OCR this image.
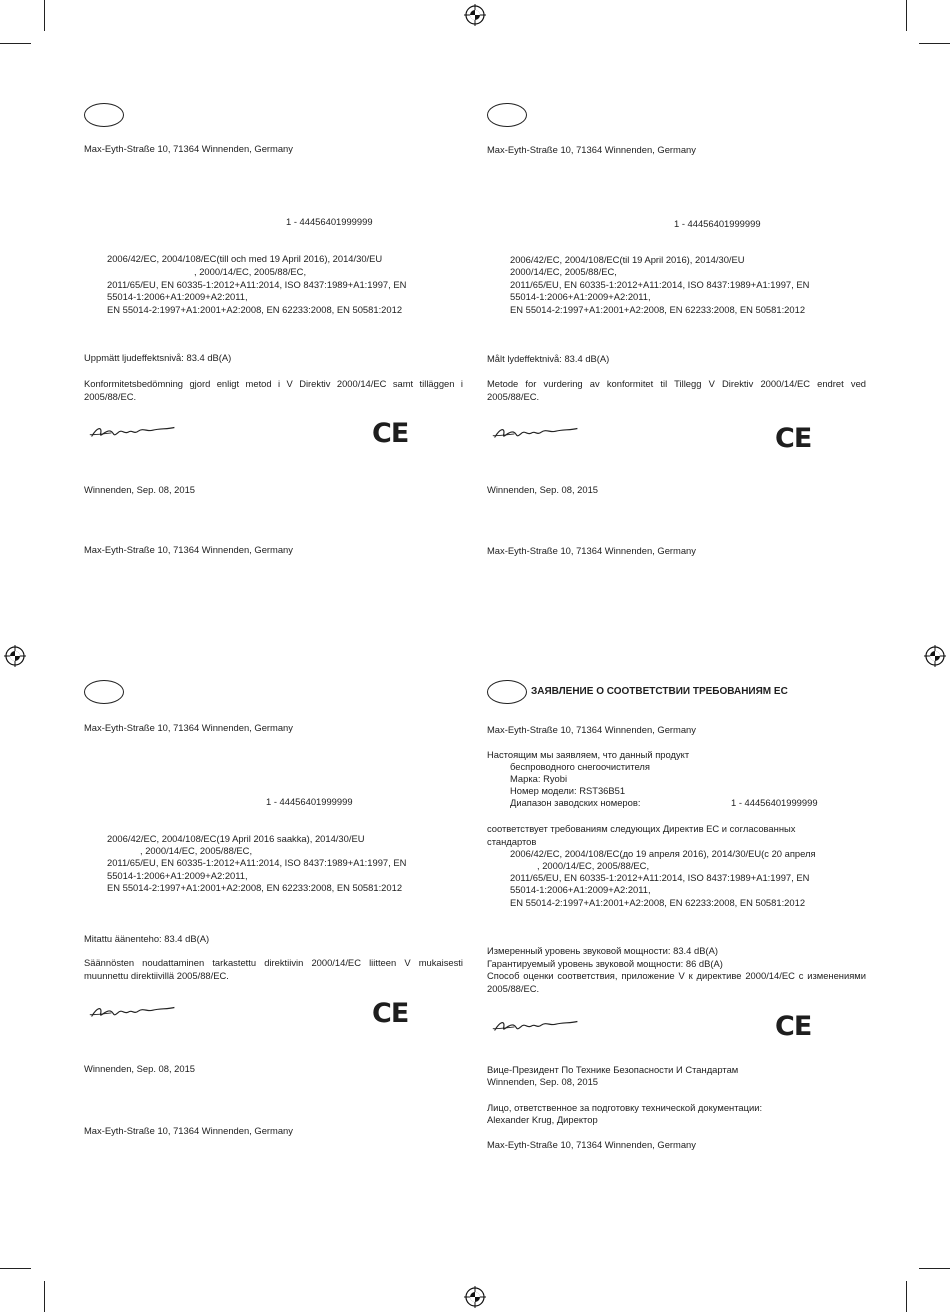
Max-Eyth-Straße 10, 71364 Winnenden, Germany
1 - 44456401999999
2006/42/EC, 2004/108/EC(till och med 19 April 2016), 2014/30/EU
, 2000/14/EC, 2005/88/EC,
2011/65/EU, EN 60335-1:2012+A11:2014, ISO 8437:1989+A1:1997, EN
55014-1:2006+A1:2009+A2:2011,
EN 55014-2:1997+A1:2001+A2:2008, EN 62233:2008, EN 50581:2012
Uppmätt ljudeffektsnivå: 83.4 dB(A)
Konformitetsbedömning gjord enligt metod i V Direktiv 2000/14/EC samt tilläggen i 2005/88/EC.
CE
Winnenden, Sep. 08, 2015
Max-Eyth-Straße 10, 71364 Winnenden, Germany
Max-Eyth-Straße 10, 71364 Winnenden, Germany
1 - 44456401999999
2006/42/EC, 2004/108/EC(til 19 April 2016), 2014/30/EU
2000/14/EC, 2005/88/EC,
2011/65/EU, EN 60335-1:2012+A11:2014, ISO 8437:1989+A1:1997, EN
55014-1:2006+A1:2009+A2:2011,
EN 55014-2:1997+A1:2001+A2:2008, EN 62233:2008, EN 50581:2012
Målt lydeffektnivå: 83.4 dB(A)
Metode for vurdering av konformitet til Tillegg V Direktiv 2000/14/EC endret ved 2005/88/EC.
CE
Winnenden, Sep. 08, 2015
Max-Eyth-Straße 10, 71364 Winnenden, Germany
Max-Eyth-Straße 10, 71364 Winnenden, Germany
1 - 44456401999999
2006/42/EC, 2004/108/EC(19 April 2016 saakka), 2014/30/EU
, 2000/14/EC, 2005/88/EC,
2011/65/EU, EN 60335-1:2012+A11:2014, ISO 8437:1989+A1:1997, EN
55014-1:2006+A1:2009+A2:2011,
EN 55014-2:1997+A1:2001+A2:2008, EN 62233:2008, EN 50581:2012
Mitattu äänenteho: 83.4 dB(A)
Säännösten noudattaminen tarkastettu direktiivin 2000/14/EC liitteen V mukaisesti muunnettu direktiivillä 2005/88/EC.
CE
Winnenden, Sep. 08, 2015
Max-Eyth-Straße 10, 71364 Winnenden, Germany
ЗАЯВЛЕНИЕ О СООТВЕТСТВИИ ТРЕБОВАНИЯМ ЕС
Max-Eyth-Straße 10, 71364 Winnenden, Germany
Настоящим мы заявляем, что данный продукт
беспроводного снегоочистителя
Марка: Ryobi
Номер модели: RST36B51
Диапазон заводских номеров:	1 - 44456401999999
соответствует требованиям следующих Директив ЕС и согласованных стандартов
2006/42/EC, 2004/108/EC(до 19 апреля 2016), 2014/30/EU(с 20 апреля
, 2000/14/EC, 2005/88/EC,
2011/65/EU, EN 60335-1:2012+A11:2014, ISO 8437:1989+A1:1997, EN
55014-1:2006+A1:2009+A2:2011,
EN 55014-2:1997+A1:2001+A2:2008, EN 62233:2008, EN 50581:2012
Измеренный уровень звуковой мощности: 83.4 dB(A)
Гарантируемый уровень звуковой мощности: 86 dB(A)
Способ оценки соответствия, приложение V к директиве 2000/14/EC с изменениями 2005/88/EC.
CE
Вице-Президент По Технике Безопасности И Стандартам
Winnenden, Sep. 08, 2015
Лицо, ответственное за подготовку технической документации:
Alexander Krug, Директор
Max-Eyth-Straße 10, 71364 Winnenden, Germany
